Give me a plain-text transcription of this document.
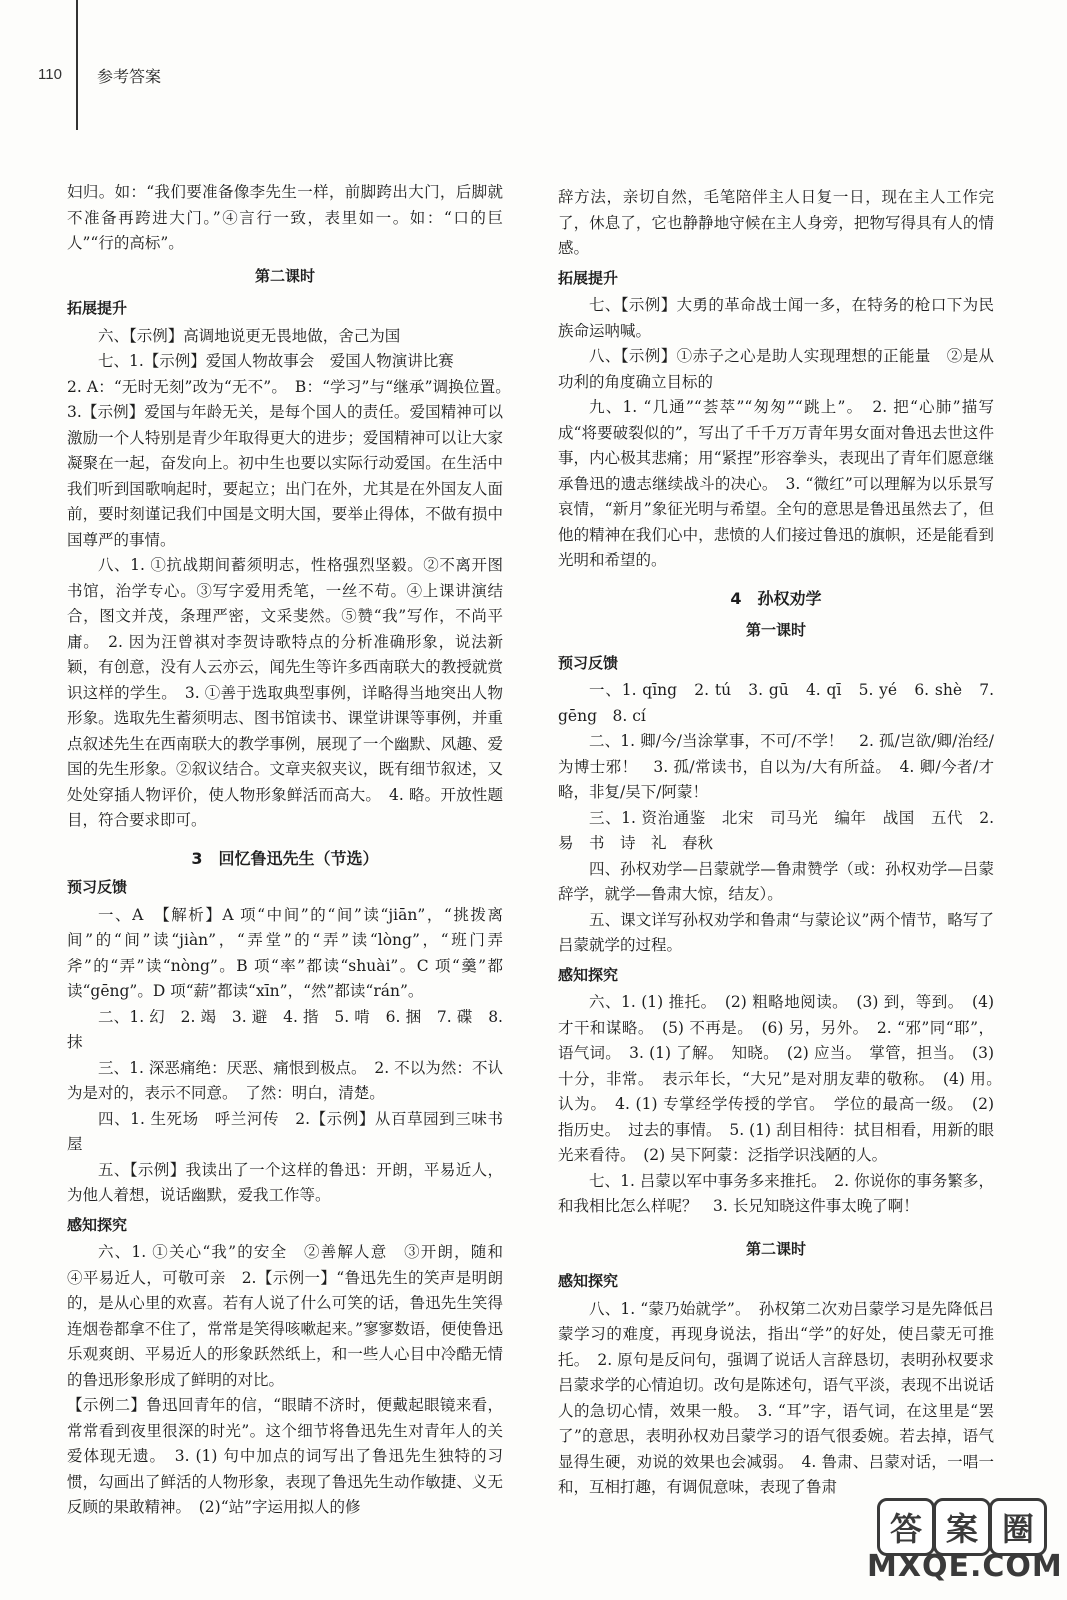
110 参考答案

妇归。如：“我们要准备像李先生一样，前脚跨出大门，后脚就不准备再跨进大门。”④言行一致，表里如一。如：“口的巨人”“行的高标”。

第二课时

拓展提升

六、【示例】高调地说更无畏地做，舍己为国

七、1.【示例】爱国人物故事会　爱国人物演讲比赛

2. A：“无时无刻”改为“无不”。　B：“学习”与“继承”调换位置。　3.【示例】爱国与年龄无关，是每个国人的责任。爱国精神可以激励一个人特别是青少年取得更大的进步；爱国精神可以让大家凝聚在一起，奋发向上。初中生也要以实际行动爱国。在生活中我们听到国歌响起时，要起立；出门在外，尤其是在外国友人面前，要时刻谨记我们中国是文明大国，要举止得体，不做有损中国尊严的事情。

八、1. ①抗战期间蓄须明志，性格强烈坚毅。②不离开图书馆，治学专心。③写字爱用秃笔，一丝不苟。④上课讲演结合，图文并茂，条理严密，文采斐然。⑤赞“我”写作，不尚平庸。　2. 因为汪曾祺对李贺诗歌特点的分析准确形象，说法新颖，有创意，没有人云亦云，闻先生等许多西南联大的教授就赏识这样的学生。　3. ①善于选取典型事例，详略得当地突出人物形象。选取先生蓄须明志、图书馆读书、课堂讲课等事例，并重点叙述先生在西南联大的教学事例，展现了一个幽默、风趣、爱国的先生形象。②叙议结合。文章夹叙夹议，既有细节叙述，又处处穿插人物评价，使人物形象鲜活而高大。　4. 略。开放性题目，符合要求即可。

3　回忆鲁迅先生（节选）

预习反馈

一、A　【解析】A 项“中间”的“间”读“jiān”，“挑拨离间”的“间”读“jiàn”，“弄堂”的“弄”读“lòng”，“班门弄斧”的“弄”读“nòng”。B 项“率”都读“shuài”。C 项“羹”都读“gēng”。D 项“薪”都读“xīn”，“然”都读“rán”。

二、1. 幻　2. 竭　3. 避　4. 揩　5. 啃　6. 捆　7. 碟　8. 抹

三、1. 深恶痛绝：厌恶、痛恨到极点。　2. 不以为然：不认为是对的，表示不同意。　了然：明白，清楚。

四、1. 生死场　呼兰河传　2.【示例】从百草园到三味书屋

五、【示例】我读出了一个这样的鲁迅：开朗，平易近人，为他人着想，说话幽默，爱我工作等。

感知探究

六、1. ①关心“我”的安全　②善解人意　③开朗，随和　④平易近人，可敬可亲　2.【示例一】“鲁迅先生的笑声是明朗的，是从心里的欢喜。若有人说了什么可笑的话，鲁迅先生笑得连烟卷都拿不住了，常常是笑得咳嗽起来。”寥寥数语，便使鲁迅乐观爽朗、平易近人的形象跃然纸上，和一些人心目中冷酷无情的鲁迅形象形成了鲜明的对比。

【示例二】鲁迅回青年的信，“眼睛不济时，便戴起眼镜来看，常常看到夜里很深的时光”。这个细节将鲁迅先生对青年人的关爱体现无遗。　3. (1) 句中加点的词写出了鲁迅先生独特的习惯，勾画出了鲜活的人物形象，表现了鲁迅先生动作敏捷、义无反顾的果敢精神。　(2)“站”字运用拟人的修

辞方法，亲切自然，毛笔陪伴主人日复一日，现在主人工作完了，休息了，它也静静地守候在主人身旁，把物写得具有人的情感。

拓展提升

七、【示例】大勇的革命战士闻一多，在特务的枪口下为民族命运呐喊。

八、【示例】①赤子之心是助人实现理想的正能量　②是从功利的角度确立目标的

九、1. “几通”“荟萃”“匆匆”“跳上”。　2. 把“心肺”描写成“将要破裂似的”，写出了千千万万青年男女面对鲁迅去世这件事，内心极其悲痛；用“紧捏”形容拳头，表现出了青年们愿意继承鲁迅的遗志继续战斗的决心。　3. “微红”可以理解为以乐景写哀情，“新月”象征光明与希望。全句的意思是鲁迅虽然去了，但他的精神在我们心中，悲愤的人们接过鲁迅的旗帜，还是能看到光明和希望的。

4　孙权劝学

第一课时

预习反馈

一、1. qīng　2. tú　3. gū　4. qī　5. yé　6. shè　7. gēng　8. cí

二、1. 卿/今/当涂掌事，不可/不学！　2. 孤/岂欲/卿/治经/为博士邪！　3. 孤/常读书，自以为/大有所益。　4. 卿/今者/才略，非复/吴下/阿蒙！

三、1. 资治通鉴　北宋　司马光　编年　战国　五代　2. 易　书　诗　礼　春秋

四、孙权劝学—吕蒙就学—鲁肃赞学（或：孙权劝学—吕蒙辞学，就学—鲁肃大惊，结友）。

五、课文详写孙权劝学和鲁肃“与蒙论议”两个情节，略写了吕蒙就学的过程。

感知探究

六、1. (1) 推托。　(2) 粗略地阅读。　(3) 到，等到。　(4) 才干和谋略。　(5) 不再是。　(6) 另，另外。　2. “邪”同“耶”，语气词。　3. (1) 了解。　知晓。　(2) 应当。　掌管，担当。　(3) 十分，非常。　表示年长，“大兄”是对朋友辈的敬称。　(4) 用。　认为。　4. (1) 专掌经学传授的学官。　学位的最高一级。　(2) 指历史。　过去的事情。　5. (1) 刮目相待：拭目相看，用新的眼光来看待。　(2) 吴下阿蒙：泛指学识浅陋的人。

七、1. 吕蒙以军中事务多来推托。　2. 你说你的事务繁多，和我相比怎么样呢？　3. 长兄知晓这件事太晚了啊！

第二课时

感知探究

八、1. “蒙乃始就学”。　孙权第二次劝吕蒙学习是先降低吕蒙学习的难度，再现身说法，指出“学”的好处，使吕蒙无可推托。　2. 原句是反问句，强调了说话人言辞恳切，表明孙权要求吕蒙求学的心情迫切。改句是陈述句，语气平淡，表现不出说话人的急切心情，效果一般。　3. “耳”字，语气词，在这里是“罢了”的意思，表明孙权劝吕蒙学习的语气很委婉。若去掉，语气显得生硬，劝说的效果也会减弱。　4. 鲁肃、吕蒙对话，一唱一和，互相打趣，有调侃意味，表现了鲁肃

答 案 圈
MXQE.COM
